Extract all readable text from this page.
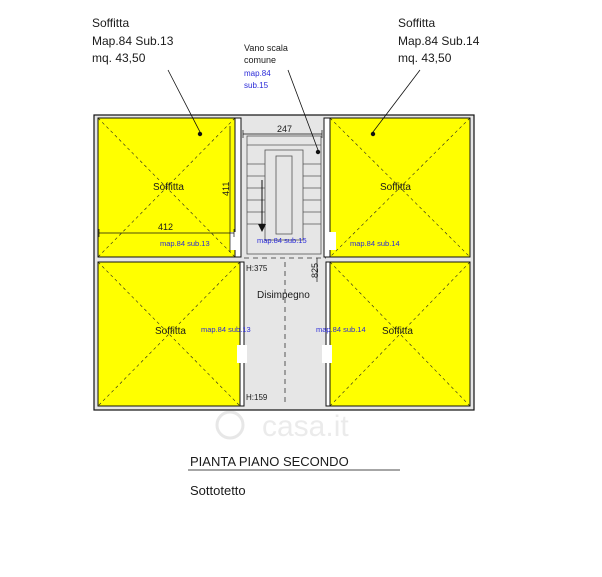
casa.it
Soffitta	Soffitta
Soffitta	Soffitta
Disimpegno
map.84 sub.13	map.84 sub.15	map.84 sub.14
map.84 sub.13	map.84 sub.14
247
412
411
825
H:375
H:159
Soffitta
Map.84 Sub.13
mq. 43,50
Soffitta
Map.84 Sub.14
mq. 43,50
Vano scala
comune
map.84
sub.15
PIANTA PIANO SECONDO
Sottotetto
